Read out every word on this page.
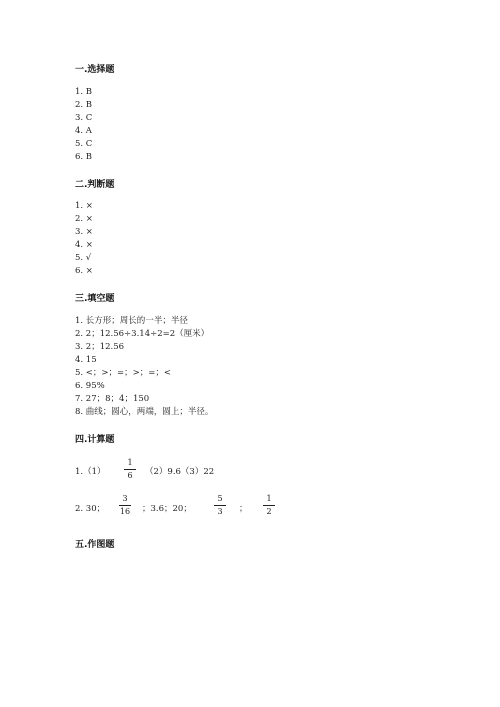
一.选择题
1. B
2. B
3. C
4. A
5. C
6. B
二.判断题
1. ×
2. ×
3. ×
4. ×
5. √
6. ×
三.填空题
1. 长方形；周长的一半；半径
2. 2；12.56÷3.14÷2=2（厘米）
3. 2；12.56
4. 15
5. <；>；=；>；=；<
6. 95%
7. 27；8；4；150
8. 曲线；圆心，两端，圆上；半径。
四.计算题
1.（1）
1
6	（2）9.6（3）22
2. 30；
3
16 ；3.6；20；
5
3	；
1
2
五.作图题
